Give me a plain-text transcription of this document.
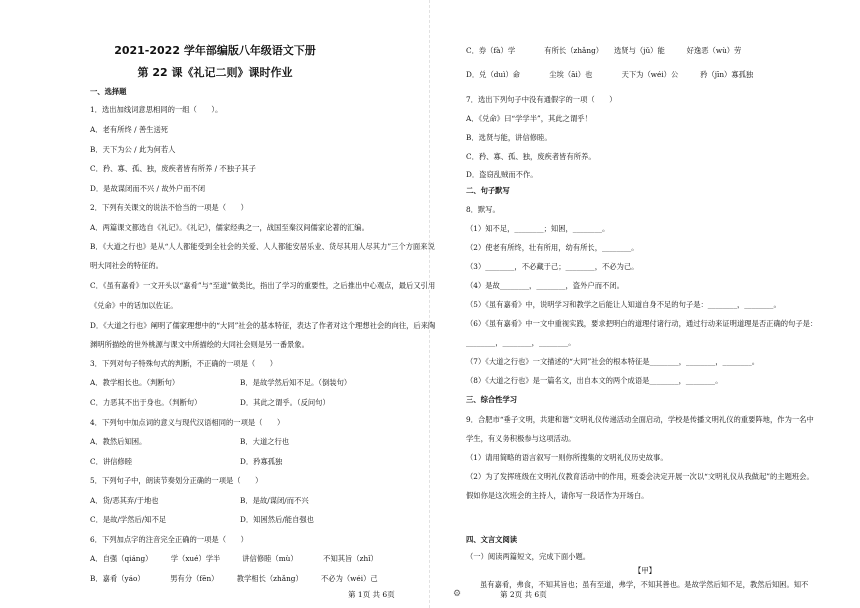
2021-2022 学年部编版八年级语文下册
第 22 课《礼记二则》课时作业
一、选择题
1．选出加线词意思相同的一组（　　）。
A．老有所终 / 善生送死
B．天下为公 / 此为何若人
C．矜、寡、孤、独，废疾者皆有所养 / 不独子其子
D．是故谋闭而不兴 / 故外户而不闭
2．下列有关课文的说法不恰当的一项是（　　）
A．两篇课文都选自《礼记》。《礼记》，儒家经典之一，战国至秦汉间儒家论著的汇编。
B．《大道之行也》是从“人人都能受到全社会的关爱、人人都能安居乐业、货尽其用人尽其力”三个方面来说
明大同社会的特征的。
C．《虽有嘉肴》一文开头以“嘉肴”与“至道”做类比，指出了学习的重要性，之后推出中心观点，最后又引用
《兑命》中的话加以佐证。
D．《大道之行也》阐明了儒家理想中的“大同”社会的基本特征，表达了作者对这个理想社会的向往，后来陶
渊明所描绘的世外桃源与课文中所描绘的大同社会则是另一番景象。
3．下列对句子特殊句式的判断，不正确的一项是（　　）
A．教学相长也。（判断句）	B．是故学然后知不足。（倒装句）
C．力恶其不出于身也。（判断句）	D．其此之谓乎。（反问句）
4．下列句中加点词的意义与现代汉语相同的一项是（　　）
A．教然后知困。	B．大道之行也
C．讲信修睦	D．矜寡孤独
5．下列句子中，朗读节奏划分正确的一项是（　　）
A．货/恶其弃/于地也	B．是故/谋闭/而不兴
C．是故/学然后/知不足	D．知困然后/能自强也
6．下列加点字的注音完全正确的一项是（　　）
A．自强（qiáng）　　　学（xué）学半　　　讲信修睦（mù）　　　　不知其旨（zhǐ）
B．嘉肴（yáo）　　　　男有分（fēn）　　　教学相长（zhǎng）　　　不必为（wéi）己
第 1页 共 6页	⚙
C．券（fà）学　　　　有所长（zhǎng）　　选贤与（jǔ）能　　　好逸恶（wù）劳
D．兑（duì）命　　　　尘埃（āi）也　　　　天下为（wéi）公　　　矜（jīn）寡孤独
7．选出下列句子中没有通假字的一项（　　）
A．《兑命》曰“学学半”，其此之谓乎！
B．选贤与能，讲信修睦。
C．矜、寡、孤、独，废疾者皆有所养。
D．盗窃乱贼而不作。
二、句子默写
8．默写。
（1）知不足，________；知困，________。
（2）使老有所终，壮有所用，幼有所长，________。
（3）________，不必藏于己；________，不必为己。
（4）是故________，________，盗外户而不闭。
（5）《虽有嘉肴》中，说明学习和教学之后能让人知道自身不足的句子是：________，________。
（6）《虽有嘉肴》中一文中重视实践，要求把明白的道理付诸行动，通过行动来证明道理是否正确的句子是：
________，________，________。
（7）《大道之行也》一文描述的“大同”社会的根本特征是________，________，________。
（8）《大道之行也》是一篇名文，出自本文的两个成语是________，________。
三、综合性学习
9．合肥市“垂子文明，共建和谐”文明礼仪传递活动全面启动，学校是传播文明礼仪的重要阵地，作为一名中
学生，有义务积极参与这项活动。
（1）请用简略的语言叙写一则你所搜集的文明礼仪历史故事。
（2）为了发挥班级在文明礼仪教育活动中的作用，班委会决定开展一次以“文明礼仪从我做起”的主题班会。
假如你是这次班会的主持人，请你写一段话作为开场白。
四、文言文阅读
（一）阅读两篇短文，完成下面小题。
【甲】
虽有嘉肴，弗食，不知其旨也；虽有至道，弗学，不知其善也。是故学然后知不足，教然后知困。知不
第 2页 共 6页
